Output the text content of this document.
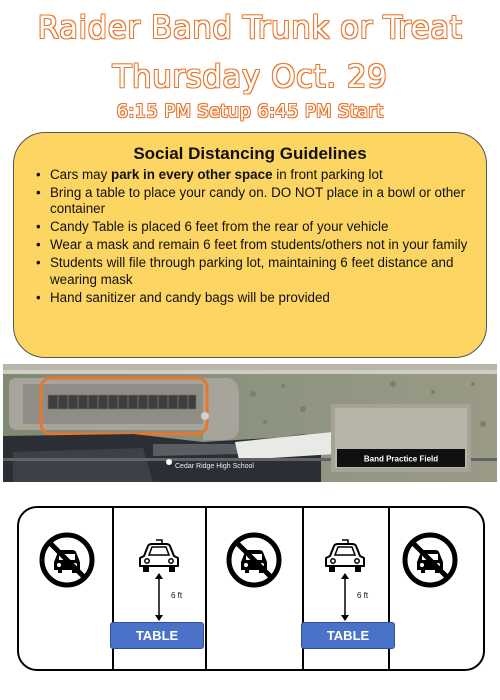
Raider Band Trunk or Treat
Thursday Oct. 29
6:15 PM Setup 6:45 PM Start
Social Distancing Guidelines
• Cars may park in every other space in front parking lot
• Bring a table to place your candy on. DO NOT place in a bowl or other container
• Candy Table is placed 6 feet from the rear of your vehicle
• Wear a mask and remain 6 feet from students/others not in your family
• Students will file through parking lot, maintaining 6 feet distance and wearing mask
• Hand sanitizer and candy bags will be provided
Cedar Ridge High School
Band Practice Field
6 ft
TABLE
6 ft
TABLE
